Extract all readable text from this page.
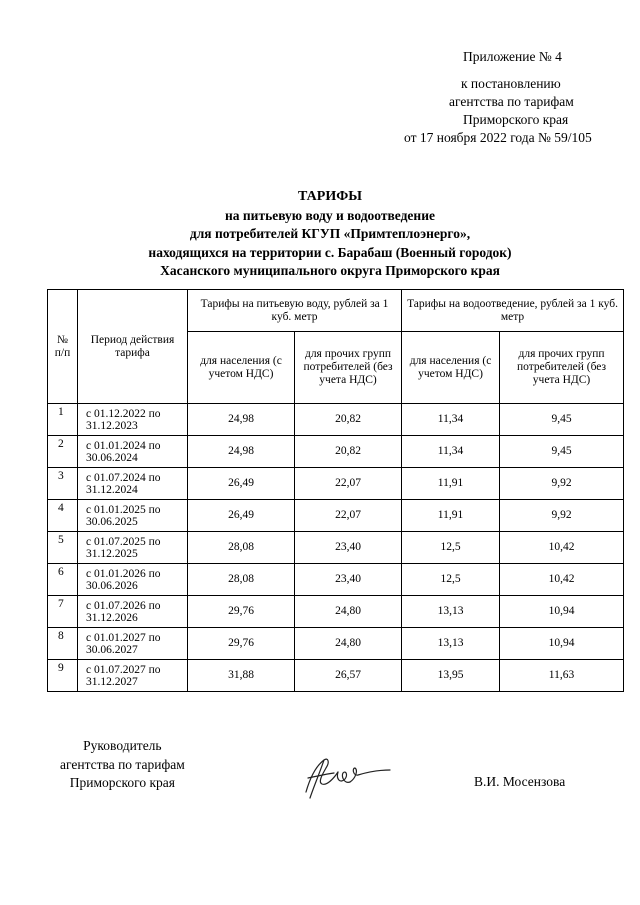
Приложение № 4
к постановлению
агентства по тарифам
Приморского края
от 17 ноября 2022 года № 59/105
ТАРИФЫ
на питьевую воду и водоотведение
для потребителей КГУП «Примтеплоэнерго»,
находящихся на территории с. Барабаш (Военный городок)
Хасанского муниципального округа Приморского края
№ п/п	Период действия тарифа	Тарифы на питьевую воду, рублей за 1 куб. метр		Тарифы на водоотведение, рублей за 1 куб. метр	
		для населения (с учетом НДС)	для прочих групп потребителей (без учета НДС)	для населения (с учетом НДС)	для прочих групп потребителей (без учета НДС)
1	с 01.12.2022 по 31.12.2023	24,98	20,82	11,34	9,45
2	с 01.01.2024 по 30.06.2024	24,98	20,82	11,34	9,45
3	с 01.07.2024 по 31.12.2024	26,49	22,07	11,91	9,92
4	с 01.01.2025 по 30.06.2025	26,49	22,07	11,91	9,92
5	с 01.07.2025 по 31.12.2025	28,08	23,40	12,5	10,42
6	с 01.01.2026 по 30.06.2026	28,08	23,40	12,5	10,42
7	с 01.07.2026 по 31.12.2026	29,76	24,80	13,13	10,94
8	с 01.01.2027 по 30.06.2027	29,76	24,80	13,13	10,94
9	с 01.07.2027 по 31.12.2027	31,88	26,57	13,95	11,63
Руководитель
агентства по тарифам
Приморского края	В.И. Мосензова
